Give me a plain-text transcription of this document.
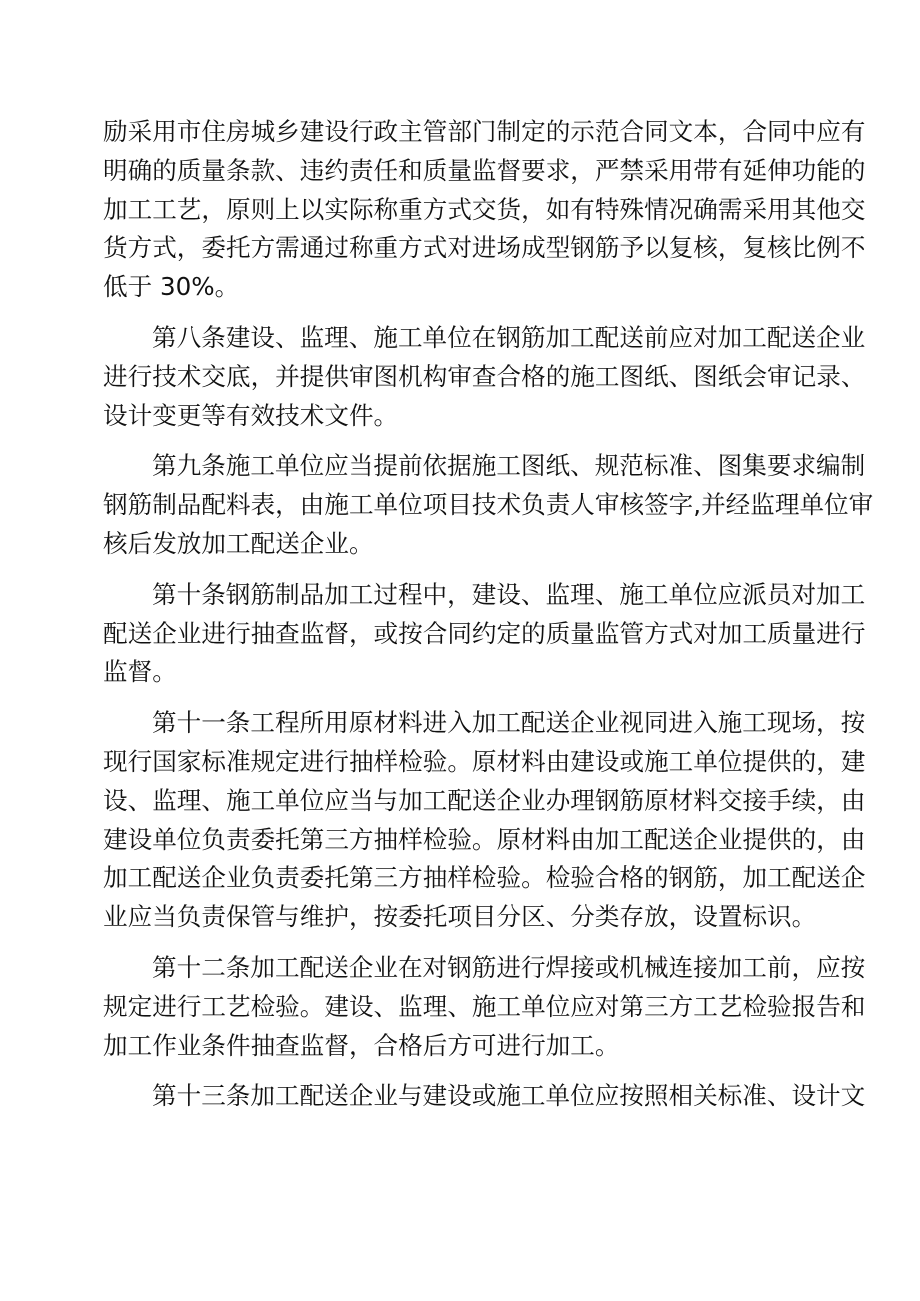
励采用市住房城乡建设行政主管部门制定的示范合同文本，合同中应有
明确的质量条款、违约责任和质量监督要求，严禁采用带有延伸功能的
加工工艺，原则上以实际称重方式交货，如有特殊情况确需采用其他交
货方式，委托方需通过称重方式对进场成型钢筋予以复核，复核比例不
低于 30%。
第八条建设、监理、施工单位在钢筋加工配送前应对加工配送企业
进行技术交底，并提供审图机构审查合格的施工图纸、图纸会审记录、
设计变更等有效技术文件。
第九条施工单位应当提前依据施工图纸、规范标准、图集要求编制
钢筋制品配料表，由施工单位项目技术负责人审核签字,并经监理单位审
核后发放加工配送企业。
第十条钢筋制品加工过程中，建设、监理、施工单位应派员对加工
配送企业进行抽查监督，或按合同约定的质量监管方式对加工质量进行
监督。
第十一条工程所用原材料进入加工配送企业视同进入施工现场，按
现行国家标准规定进行抽样检验。原材料由建设或施工单位提供的，建
设、监理、施工单位应当与加工配送企业办理钢筋原材料交接手续，由
建设单位负责委托第三方抽样检验。原材料由加工配送企业提供的，由
加工配送企业负责委托第三方抽样检验。检验合格的钢筋，加工配送企
业应当负责保管与维护，按委托项目分区、分类存放，设置标识。
第十二条加工配送企业在对钢筋进行焊接或机械连接加工前，应按
规定进行工艺检验。建设、监理、施工单位应对第三方工艺检验报告和
加工作业条件抽查监督，合格后方可进行加工。
第十三条加工配送企业与建设或施工单位应按照相关标准、设计文
